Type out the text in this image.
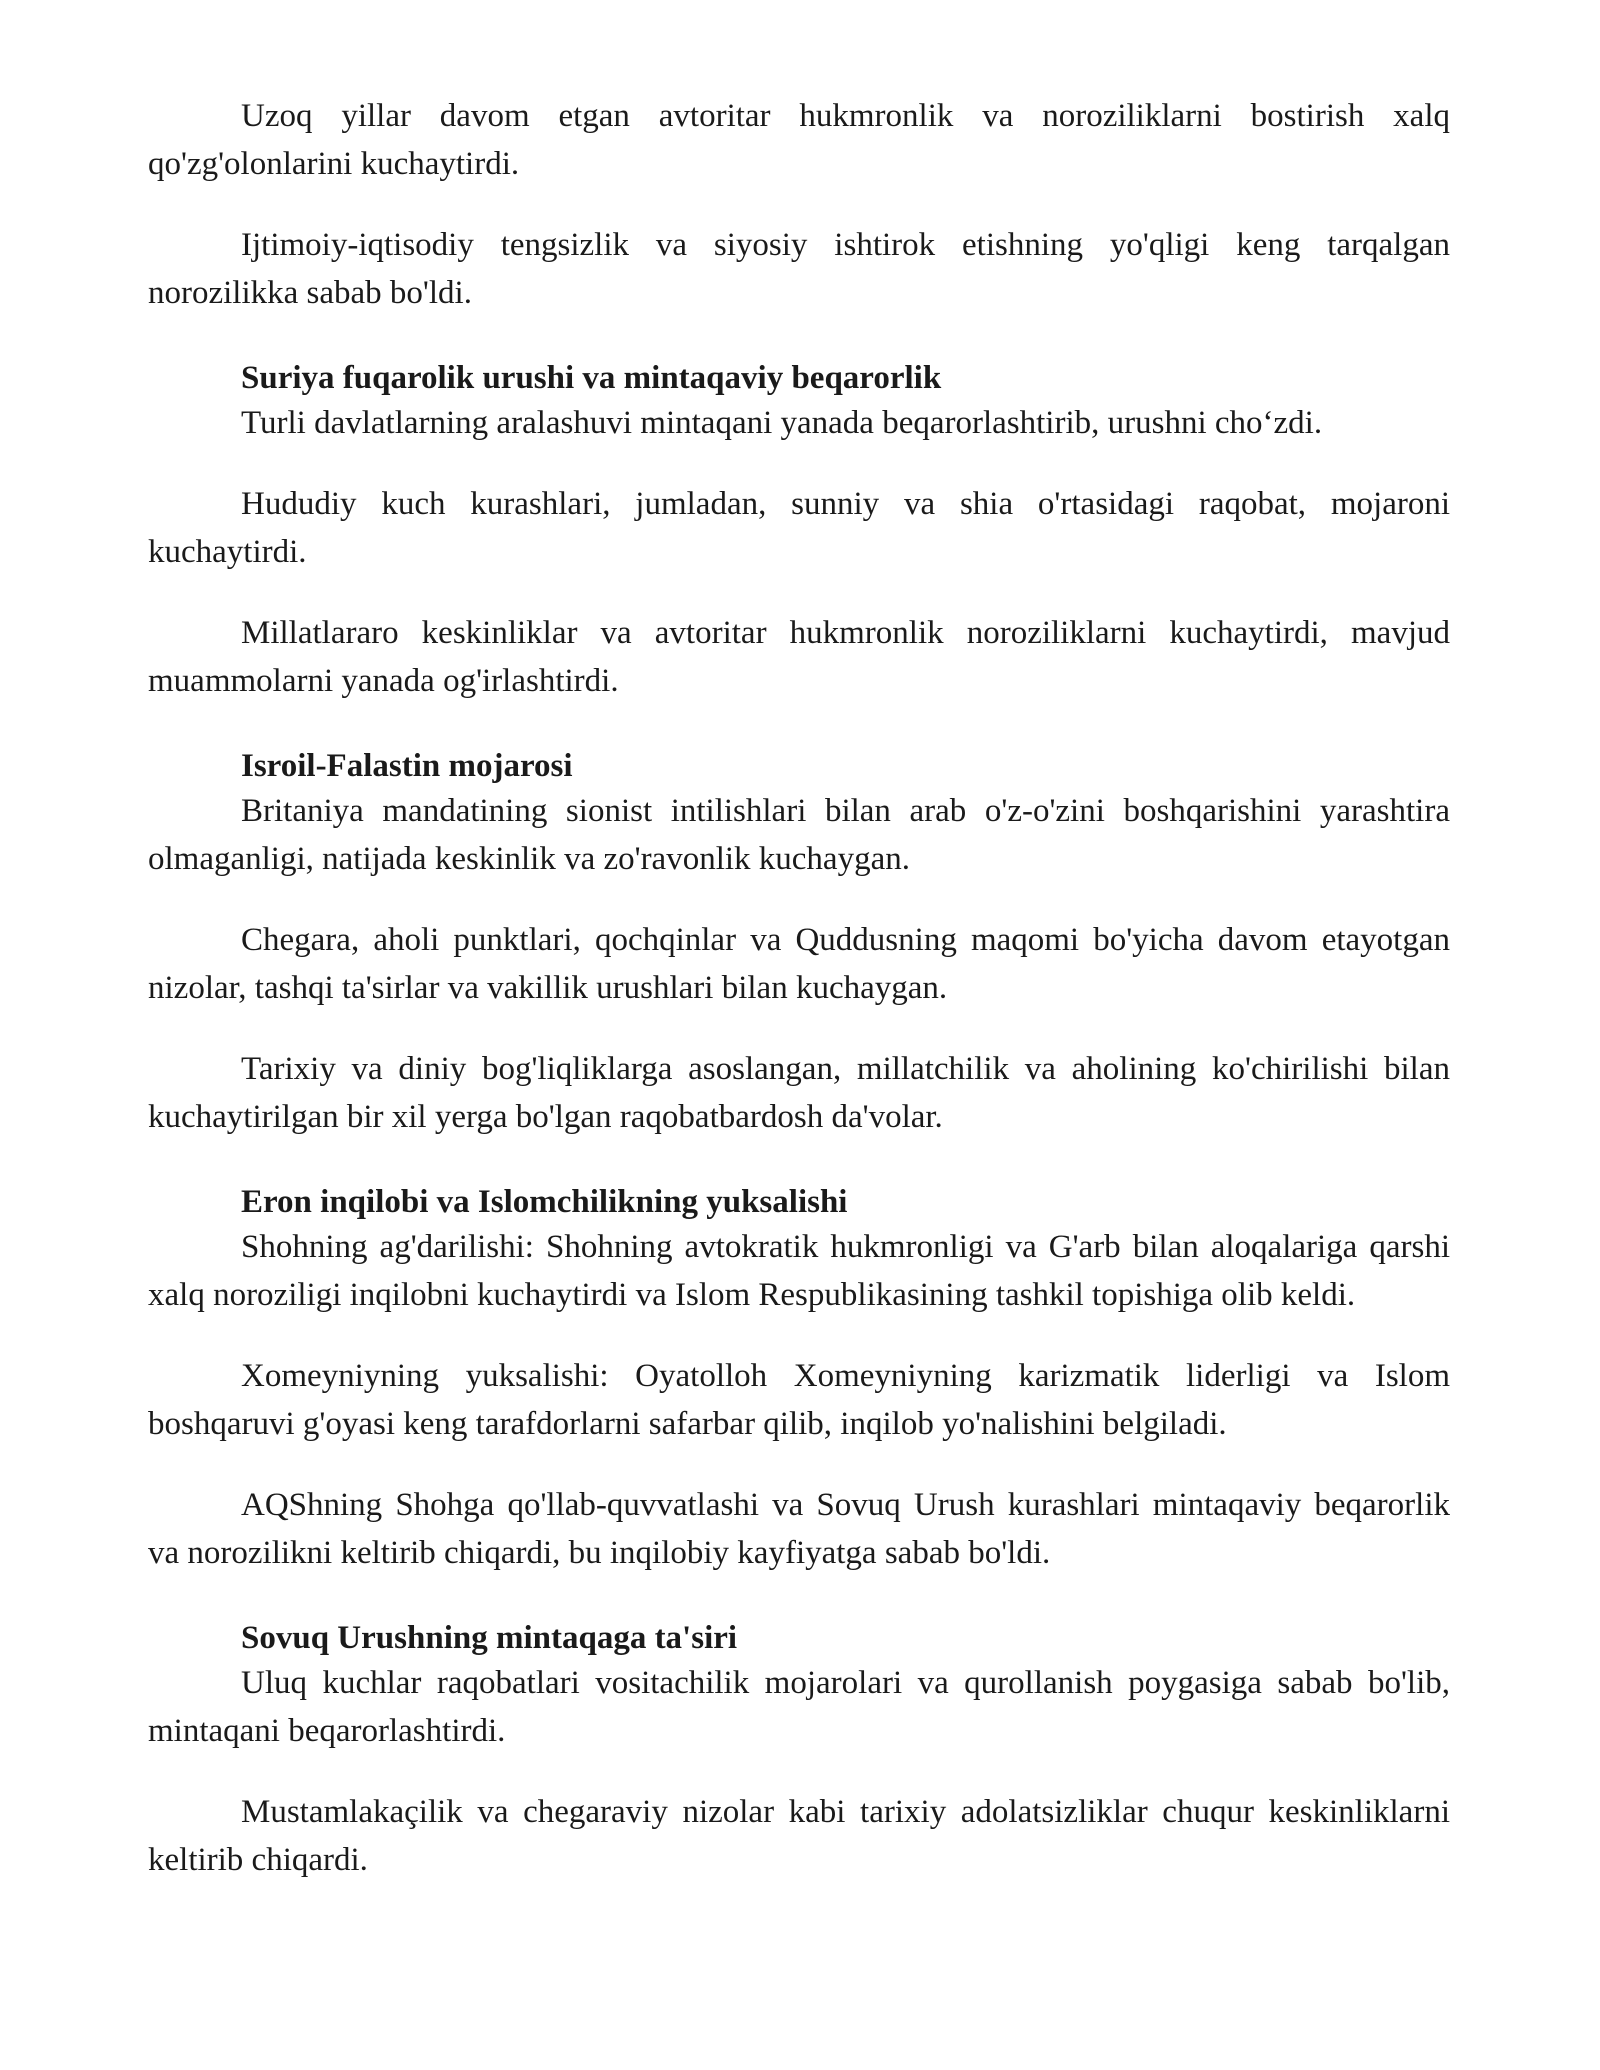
Uzoq yillar davom etgan avtoritar hukmronlik va noroziliklarni bostirish xalq qo'zg'olonlarini kuchaytirdi.

Ijtimoiy-iqtisodiy tengsizlik va siyosiy ishtirok etishning yo'qligi keng tarqalgan norozilikka sabab bo'ldi.

Suriya fuqarolik urushi va mintaqaviy beqarorlik

Turli davlatlarning aralashuvi mintaqani yanada beqarorlashtirib, urushni cho‘zdi.

Hududiy kuch kurashlari, jumladan, sunniy va shia o'rtasidagi raqobat, mojaroni kuchaytirdi.

Millatlararo keskinliklar va avtoritar hukmronlik noroziliklarni kuchaytirdi, mavjud muammolarni yanada og'irlashtirdi.

Isroil-Falastin mojarosi

Britaniya mandatining sionist intilishlari bilan arab o'z-o'zini boshqarishini yarashtira olmaganligi, natijada keskinlik va zo'ravonlik kuchaygan.

Chegara, aholi punktlari, qochqinlar va Quddusning maqomi bo'yicha davom etayotgan nizolar, tashqi ta'sirlar va vakillik urushlari bilan kuchaygan.

Tarixiy va diniy bog'liqliklarga asoslangan, millatchilik va aholining ko'chirilishi bilan kuchaytirilgan bir xil yerga bo'lgan raqobatbardosh da'volar.

Eron inqilobi va Islomchilikning yuksalishi

Shohning ag'darilishi: Shohning avtokratik hukmronligi va G'arb bilan aloqalariga qarshi xalq noroziligi inqilobni kuchaytirdi va Islom Respublikasining tashkil topishiga olib keldi.

Xomeyniyning yuksalishi: Oyatolloh Xomeyniyning karizmatik liderligi va Islom boshqaruvi g'oyasi keng tarafdorlarni safarbar qilib, inqilob yo'nalishini belgiladi.

AQShning Shohga qo'llab-quvvatlashi va Sovuq Urush kurashlari mintaqaviy beqarorlik va norozilikni keltirib chiqardi, bu inqilobiy kayfiyatga sabab bo'ldi.

Sovuq Urushning mintaqaga ta'siri

Uluq kuchlar raqobatlari vositachilik mojarolari va qurollanish poygasiga sabab bo'lib, mintaqani beqarorlashtirdi.

Mustamlakaçilik va chegaraviy nizolar kabi tarixiy adolatsizliklar chuqur keskinliklarni keltirib chiqardi.
